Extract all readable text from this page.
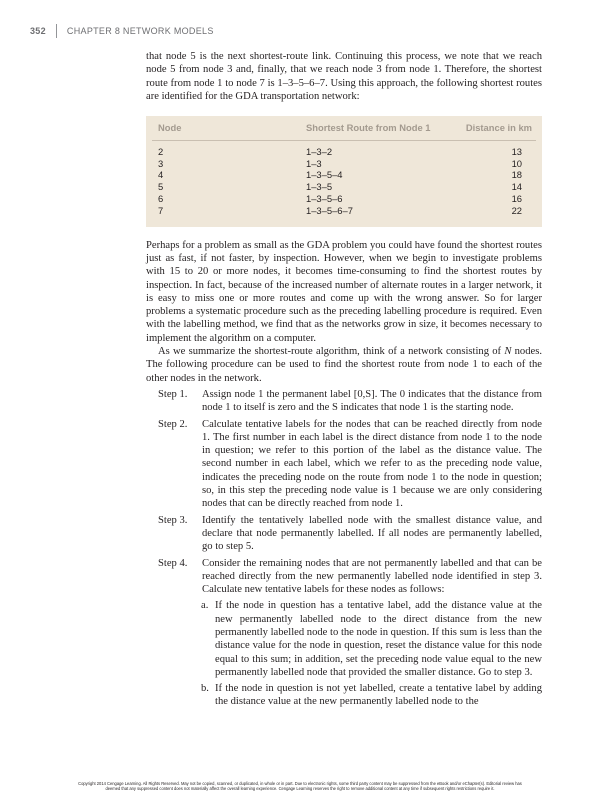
352 CHAPTER 8 NETWORK MODELS

that node 5 is the next shortest-route link. Continuing this process, we note that we reach node 5 from node 3 and, finally, that we reach node 3 from node 1. Therefore, the shortest route from node 1 to node 7 is 1–3–5–6–7. Using this approach, the following shortest routes are identified for the GDA transportation network:

Node	Shortest Route from Node 1	Distance in km
2	1–3–2	13
3	1–3	10
4	1–3–5–4	18
5	1–3–5	14
6	1–3–5–6	16
7	1–3–5–6–7	22

Perhaps for a problem as small as the GDA problem you could have found the shortest routes just as fast, if not faster, by inspection. However, when we begin to investigate problems with 15 to 20 or more nodes, it becomes time-consuming to find the shortest routes by inspection. In fact, because of the increased number of alternate routes in a larger network, it is easy to miss one or more routes and come up with the wrong answer. So for larger problems a systematic procedure such as the preceding labelling procedure is required. Even with the labelling method, we find that as the networks grow in size, it becomes necessary to implement the algorithm on a computer.

As we summarize the shortest-route algorithm, think of a network consisting of N nodes. The following procedure can be used to find the shortest route from node 1 to each of the other nodes in the network.

Step 1.	Assign node 1 the permanent label [0,S]. The 0 indicates that the distance from node 1 to itself is zero and the S indicates that node 1 is the starting node.
Step 2.	Calculate tentative labels for the nodes that can be reached directly from node 1. The first number in each label is the direct distance from node 1 to the node in question; we refer to this portion of the label as the distance value. The second number in each label, which we refer to as the preceding node value, indicates the preceding node on the route from node 1 to the node in question; so, in this step the preceding node value is 1 because we are only considering nodes that can be directly reached from node 1.
Step 3.	Identify the tentatively labelled node with the smallest distance value, and declare that node permanently labelled. If all nodes are permanently labelled, go to step 5.
Step 4.	Consider the remaining nodes that are not permanently labelled and that can be reached directly from the new permanently labelled node identified in step 3. Calculate new tentative labels for these nodes as follows:
a. If the node in question has a tentative label, add the distance value at the new permanently labelled node to the direct distance from the new permanently labelled node to the node in question. If this sum is less than the distance value for the node in question, reset the distance value for this node equal to this sum; in addition, set the preceding node value equal to the new permanently labelled node that provided the smaller distance. Go to step 3.
b. If the node in question is not yet labelled, create a tentative label by adding the distance value at the new permanently labelled node to the
Copyright 2014 Cengage Learning. All Rights Reserved. May not be copied, scanned, or duplicated, in whole or in part. Due to electronic rights, some third party content may be suppressed from the eBook and/or eChapter(s). Editorial review has
deemed that any suppressed content does not materially affect the overall learning experience. Cengage Learning reserves the right to remove additional content at any time if subsequent rights restrictions require it.
